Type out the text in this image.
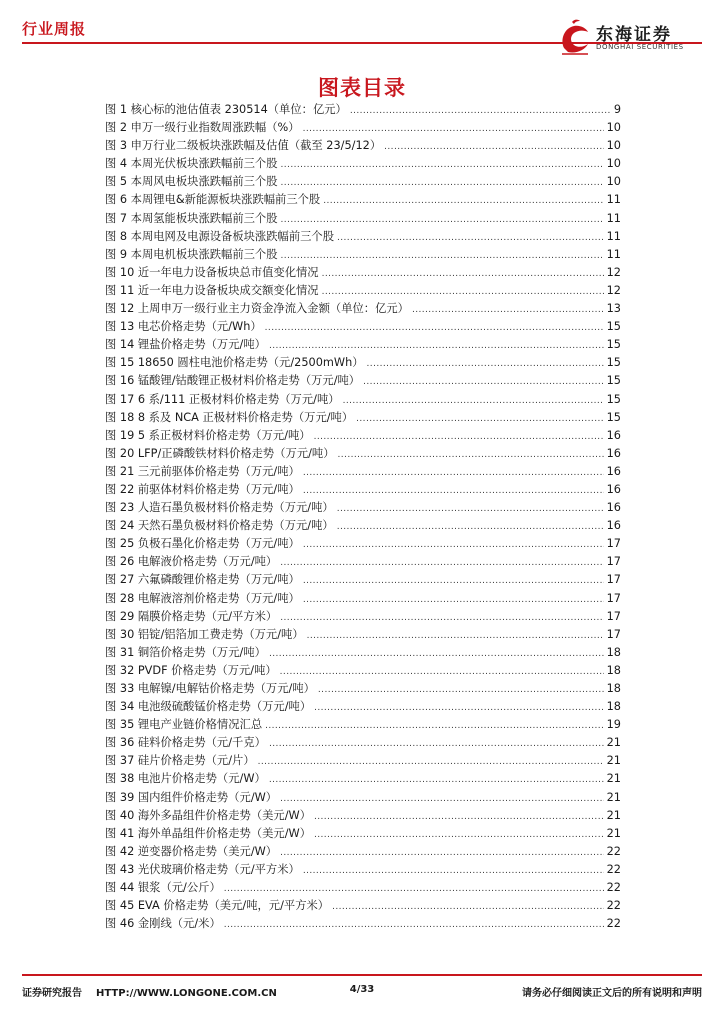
行业周报	东海证券
DONGHAI SECURITIES
图表目录
图 1 核心标的池估值表 230514（单位：亿元） .....	9
图 2 申万一级行业指数周涨跌幅（%） .....	10
图 3 申万行业二级板块涨跌幅及估值（截至 23/5/12） .....	10
图 4 本周光伏板块涨跌幅前三个股 .....	10
图 5 本周风电板块涨跌幅前三个股 .....	10
图 6 本周锂电&新能源板块涨跌幅前三个股 .....	11
图 7 本周氢能板块涨跌幅前三个股 .....	11
图 8 本周电网及电源设备板块涨跌幅前三个股 .....	11
图 9 本周电机板块涨跌幅前三个股 .....	11
图 10 近一年电力设备板块总市值变化情况 .....	12
图 11 近一年电力设备板块成交额变化情况 .....	12
图 12 上周申万一级行业主力资金净流入金额（单位：亿元） .....	13
图 13 电芯价格走势（元/Wh） .....	15
图 14 锂盐价格走势（万元/吨） .....	15
图 15 18650 圆柱电池价格走势（元/2500mWh） .....	15
图 16 锰酸锂/钴酸锂正极材料价格走势（万元/吨） .....	15
图 17 6 系/111 正极材料价格走势（万元/吨） .....	15
图 18 8 系及 NCA 正极材料价格走势（万元/吨） .....	15
图 19 5 系正极材料价格走势（万元/吨） .....	16
图 20 LFP/正磷酸铁材料价格走势（万元/吨） .....	16
图 21 三元前驱体价格走势（万元/吨） .....	16
图 22 前驱体材料价格走势（万元/吨） .....	16
图 23 人造石墨负极材料价格走势（万元/吨） .....	16
图 24 天然石墨负极材料价格走势（万元/吨） .....	16
图 25 负极石墨化价格走势（万元/吨） .....	17
图 26 电解液价格走势（万元/吨） .....	17
图 27 六氟磷酸锂价格走势（万元/吨） .....	17
图 28 电解液溶剂价格走势（万元/吨） .....	17
图 29 隔膜价格走势（元/平方米） .....	17
图 30 铝锭/铝箔加工费走势（万元/吨） .....	17
图 31 铜箔价格走势（万元/吨） .....	18
图 32 PVDF 价格走势（万元/吨） .....	18
图 33 电解镍/电解钴价格走势（万元/吨） .....	18
图 34 电池级硫酸锰价格走势（万元/吨） .....	18
图 35 锂电产业链价格情况汇总 .....	19
图 36 硅料价格走势（元/千克） .....	21
图 37 硅片价格走势（元/片） .....	21
图 38 电池片价格走势（元/W） .....	21
图 39 国内组件价格走势（元/W） .....	21
图 40 海外多晶组件价格走势（美元/W） .....	21
图 41 海外单晶组件价格走势（美元/W） .....	21
图 42 逆变器价格走势（美元/W） .....	22
图 43 光伏玻璃价格走势（元/平方米） .....	22
图 44 银浆（元/公斤） .....	22
图 45 EVA 价格走势（美元/吨，元/平方米） .....	22
图 46 金刚线（元/米） .....	22
证券研究报告 HTTP://WWW.LONGONE.COM.CN	4/33	请务必仔细阅读正文后的所有说明和声明
